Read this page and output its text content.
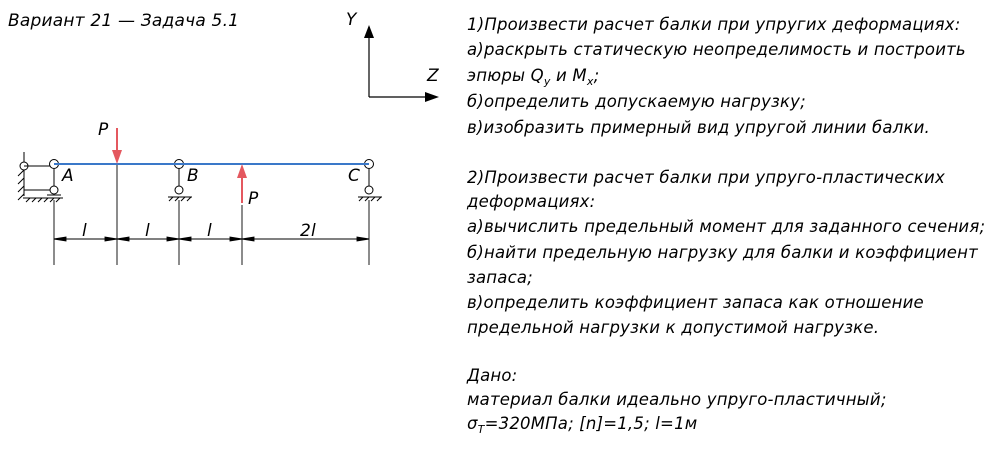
Вариант 21 — Задача 5.1	Y
Z
P
P
A	B	C
l	l	l	2l
1)Произвести расчет балки при упругих деформациях:
а)раскрыть статическую неопределимость и построить
эпюры $Q_y$ и $M_x$;
б)определить допускаемую нагрузку;
в)изобразить примерный вид упругой линии балки.
2)Произвести расчет балки при упруго-пластических
деформациях:
а)вычислить предельный момент для заданного сечения;
б)найти предельную нагрузку для балки и коэффициент
запаса;
в)определить коэффициент запаса как отношение
предельной нагрузки к допустимой нагрузке.
Дано:
материал балки идеально упруго-пластичный;
$\sigma_T=320МПа$; [n]=1,5; l=1м
